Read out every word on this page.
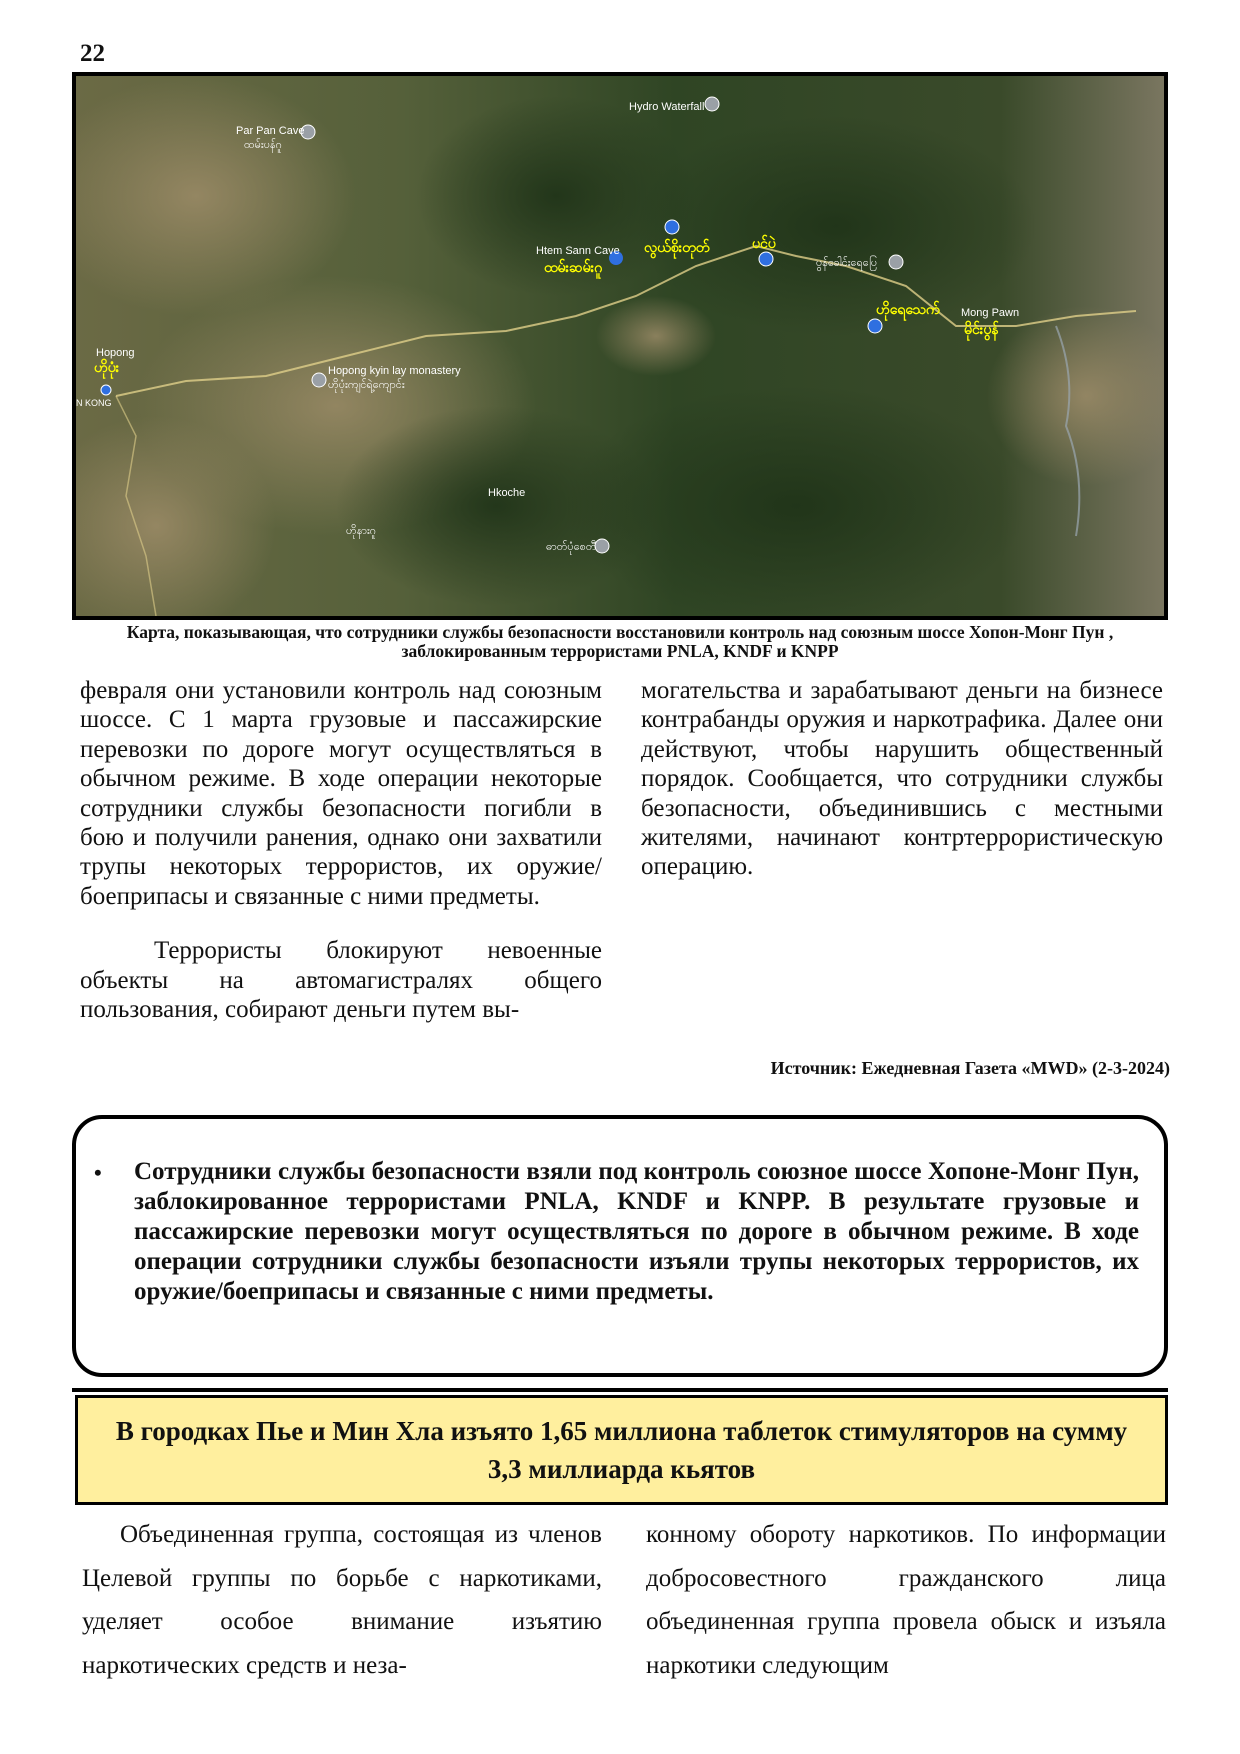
22
Par Pan Cave
ထမ်းပန်ဂူ
Hydro Waterfall
Htem Sann Cave
ပွန်ခေါင်းရေပြေ
Mong Pawn
Hopong
Hopong kyin lay monastery
ဟိုပုံးကျင်ရဲ့ကျောင်း
Hkoche
ဟိုနားဂူ
ဓာတ်ပုံစေတီ
N KONG
ထမ်းဆမ်းဂူ
လွယ်စိုးတုတ်	ပင်ပဲ
ဟိုရေသေက်
မိုင်းပွန်
ဟိုပုံး
Карта, показывающая, что сотрудники службы безопасности восстановили контроль над союзным шоссе Хопон-Монг Пун , заблокированным террористами PNLA, KNDF и KNPP

февраля они установили контроль над союзным шоссе. С 1 марта грузовые и пассажирские перевозки по дороге могут осуществляться в обычном режиме. В ходе операции некоторые сотрудники службы безопасности погибли в бою и получили ранения, однако они захватили трупы некоторых террористов, их оружие/боеприпасы и связанные с ними предметы.

Террористы блокируют невоенные объекты на автомагистралях общего пользования, собирают деньги путем вы-

могательства и зарабатывают деньги на бизнесе контрабанды оружия и наркотрафика. Далее они действуют, чтобы нарушить общественный порядок. Сообщается, что сотрудники службы безопасности, объединившись с местными жителями, начинают контртеррористическую операцию.

Источник: Ежедневная Газета «MWD» (2-3-2024)
• Сотрудники службы безопасности взяли под контроль союзное шоссе Хопоне-Монг Пун, заблокированное террористами PNLA, KNDF и KNPP. В результате грузовые и пассажирские перевозки могут осуществляться по дороге в обычном режиме. В ходе операции сотрудники службы безопасности изъяли трупы некоторых террористов, их оружие/боеприпасы и связанные с ними предметы.
В городках Пье и Мин Хла изъято 1,65 миллиона таблеток стимуляторов на сумму 3,3 миллиарда кьятов

Объединенная группа, состоящая из членов Целевой группы по борьбе с наркотиками, уделяет особое внимание изъятию наркотических средств и неза-

конному обороту наркотиков. По информации добросовестного гражданского лица объединенная группа провела обыск и изъяла наркотики следующим
